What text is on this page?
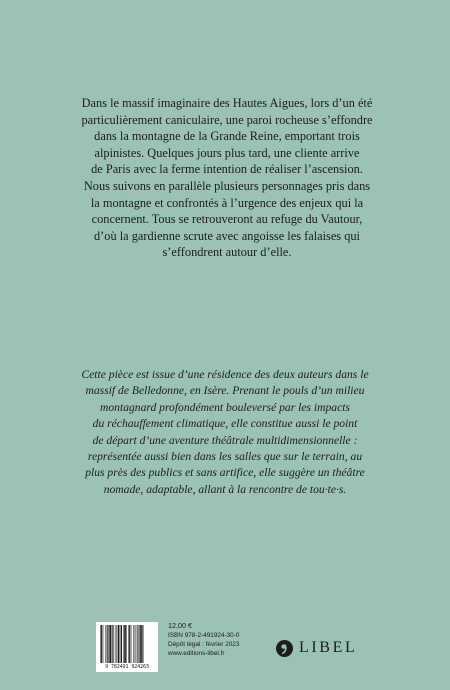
Dans le massif imaginaire des Hautes Aigues, lors d’un été
particulièrement caniculaire, une paroi rocheuse s’effondre
dans la montagne de la Grande Reine, emportant trois
alpinistes. Quelques jours plus tard, une cliente arrive
de Paris avec la ferme intention de réaliser l’ascension.
Nous suivons en parallèle plusieurs personnages pris dans
la montagne et confrontés à l’urgence des enjeux qui la
concernent. Tous se retrouveront au refuge du Vautour,
d’où la gardienne scrute avec angoisse les falaises qui
s’effondrent autour d’elle.

Cette pièce est issue d’une résidence des deux auteurs dans le
massif de Belledonne, en Isère. Prenant le pouls d’un milieu
montagnard profondément bouleversé par les impacts
du réchauffement climatique, elle constitue aussi le point
de départ d’une aventure théâtrale multidimensionnelle :
représentée aussi bien dans les salles que sur le terrain, au
plus près des publics et sans artifice, elle suggère un théâtre
nomade, adaptable, allant à la rencontre de tou·te·s.

9 782491 924263
12,00 €
ISBN 978-2-491924-30-0
Dépôt légal : février 2023
www.editions-libel.fr	LIBEL
